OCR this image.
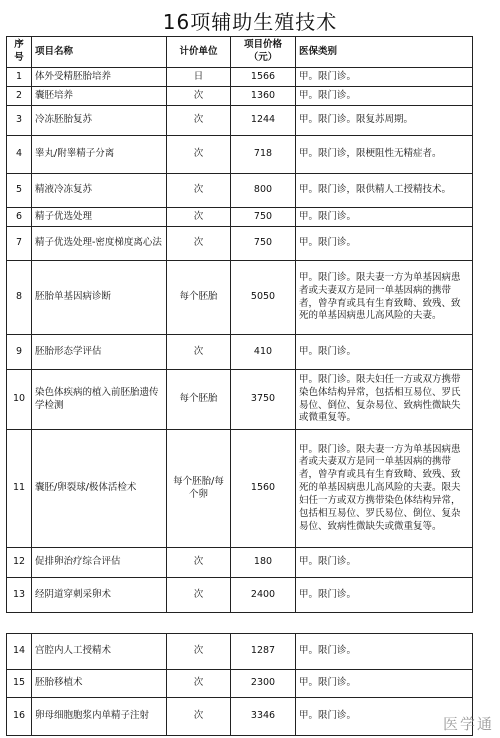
16项辅助生殖技术
序号	项目名称	计价单位	项目价格（元）	医保类别
1	体外受精胚胎培养	日	1566	甲。限门诊。
2	囊胚培养	次	1360	甲。限门诊。
3	冷冻胚胎复苏	次	1244	甲。限门诊。限复苏周期。
4	睾丸/附睾精子分离	次	718	甲。限门诊，限梗阻性无精症者。
5	精液冷冻复苏	次	800	甲。限门诊，限供精人工授精技术。
6	精子优选处理	次	750	甲。限门诊。
7	精子优选处理-密度梯度离心法	次	750	甲。限门诊。
8	胚胎单基因病诊断	每个胚胎	5050	甲。限门诊。限夫妻一方为单基因病患者或夫妻双方是同一单基因病的携带者，曾孕育或具有生育致畸、致残、致死的单基因病患儿高风险的夫妻。
9	胚胎形态学评估	次	410	甲。限门诊。
10	染色体疾病的植入前胚胎遗传学检测	每个胚胎	3750	甲。限门诊。限夫妇任一方或双方携带染色体结构异常，包括相互易位、罗氏易位、倒位、复杂易位、致病性微缺失或微重复等。
11	囊胚/卵裂球/极体活检术	每个胚胎/每个卵	1560	甲。限门诊。限夫妻一方为单基因病患者或夫妻双方是同一单基因病的携带者，曾孕育或具有生育致畸、致残、致死的单基因病患儿高风险的夫妻。限夫妇任一方或双方携带染色体结构异常，包括相互易位、罗氏易位、倒位、复杂易位、致病性微缺失或微重复等。
12	促排卵治疗综合评估	次	180	甲。限门诊。
13	经阴道穿刺采卵术	次	2400	甲。限门诊。
14	宫腔内人工授精术	次	1287	甲。限门诊。
15	胚胎移植术	次	2300	甲。限门诊。
16	卵母细胞胞浆内单精子注射	次	3346	甲。限门诊。	医学通
